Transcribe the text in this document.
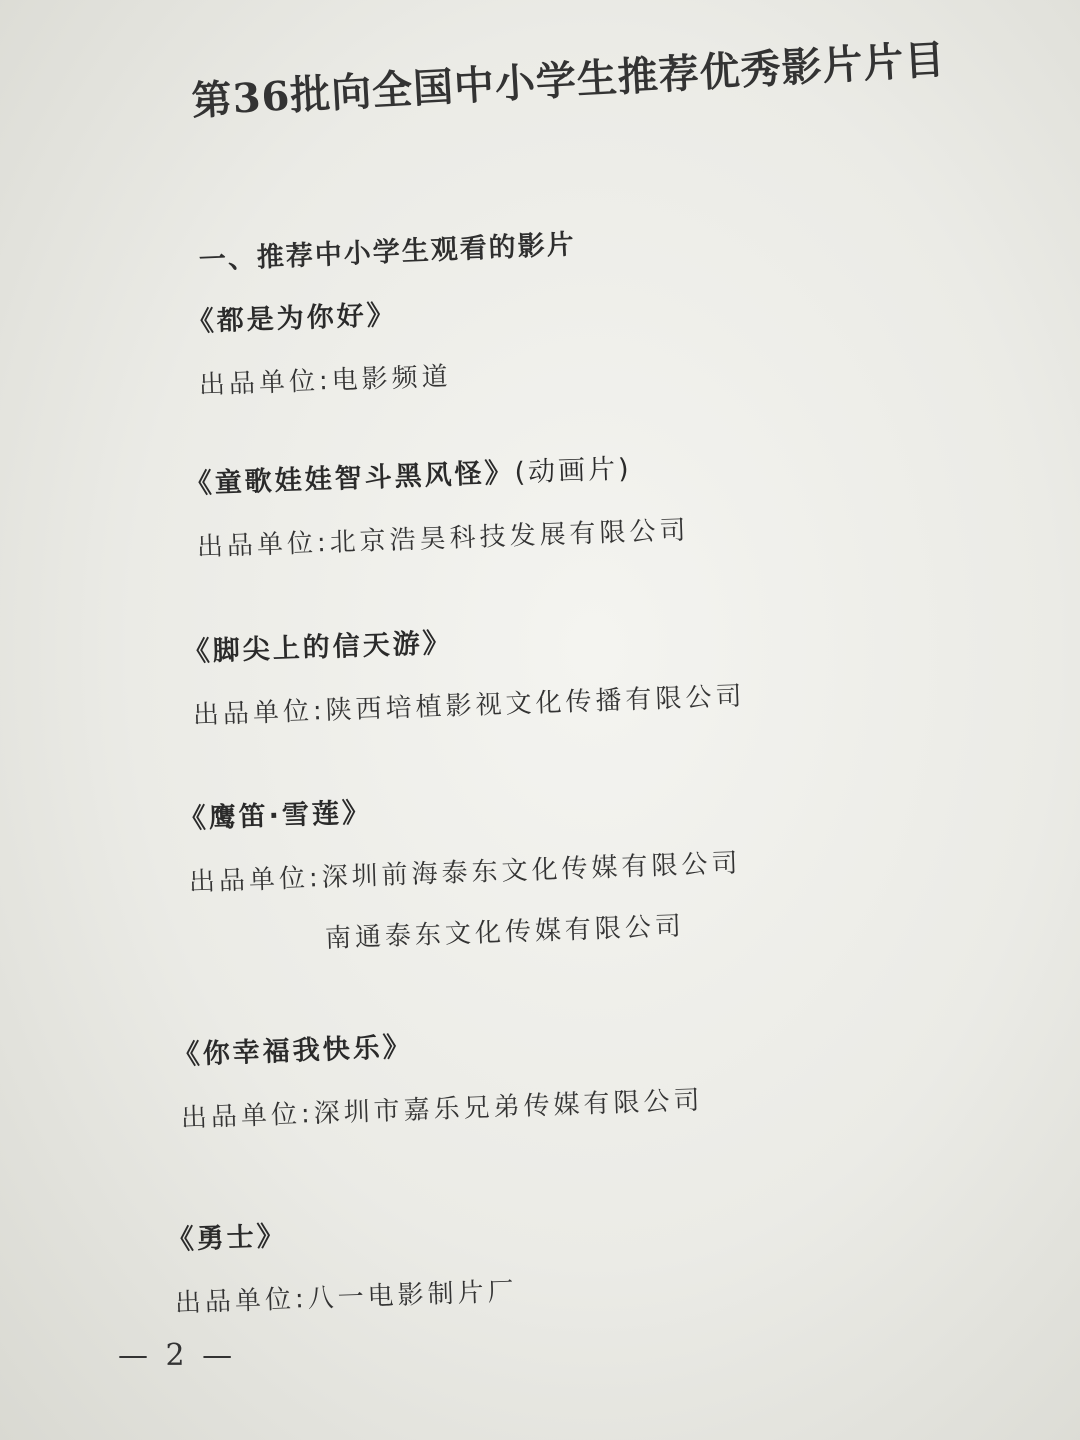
第36批向全国中小学生推荐优秀影片片目
一、推荐中小学生观看的影片
《都是为你好》
出品单位:电影频道
《童歌娃娃智斗黑风怪》(动画片)
出品单位:北京浩昊科技发展有限公司
《脚尖上的信天游》
出品单位:陕西培植影视文化传播有限公司
《鹰笛·雪莲》
出品单位:深圳前海泰东文化传媒有限公司
南通泰东文化传媒有限公司
《你幸福我快乐》
出品单位:深圳市嘉乐兄弟传媒有限公司
《勇士》
出品单位:八一电影制片厂
— 2 —
